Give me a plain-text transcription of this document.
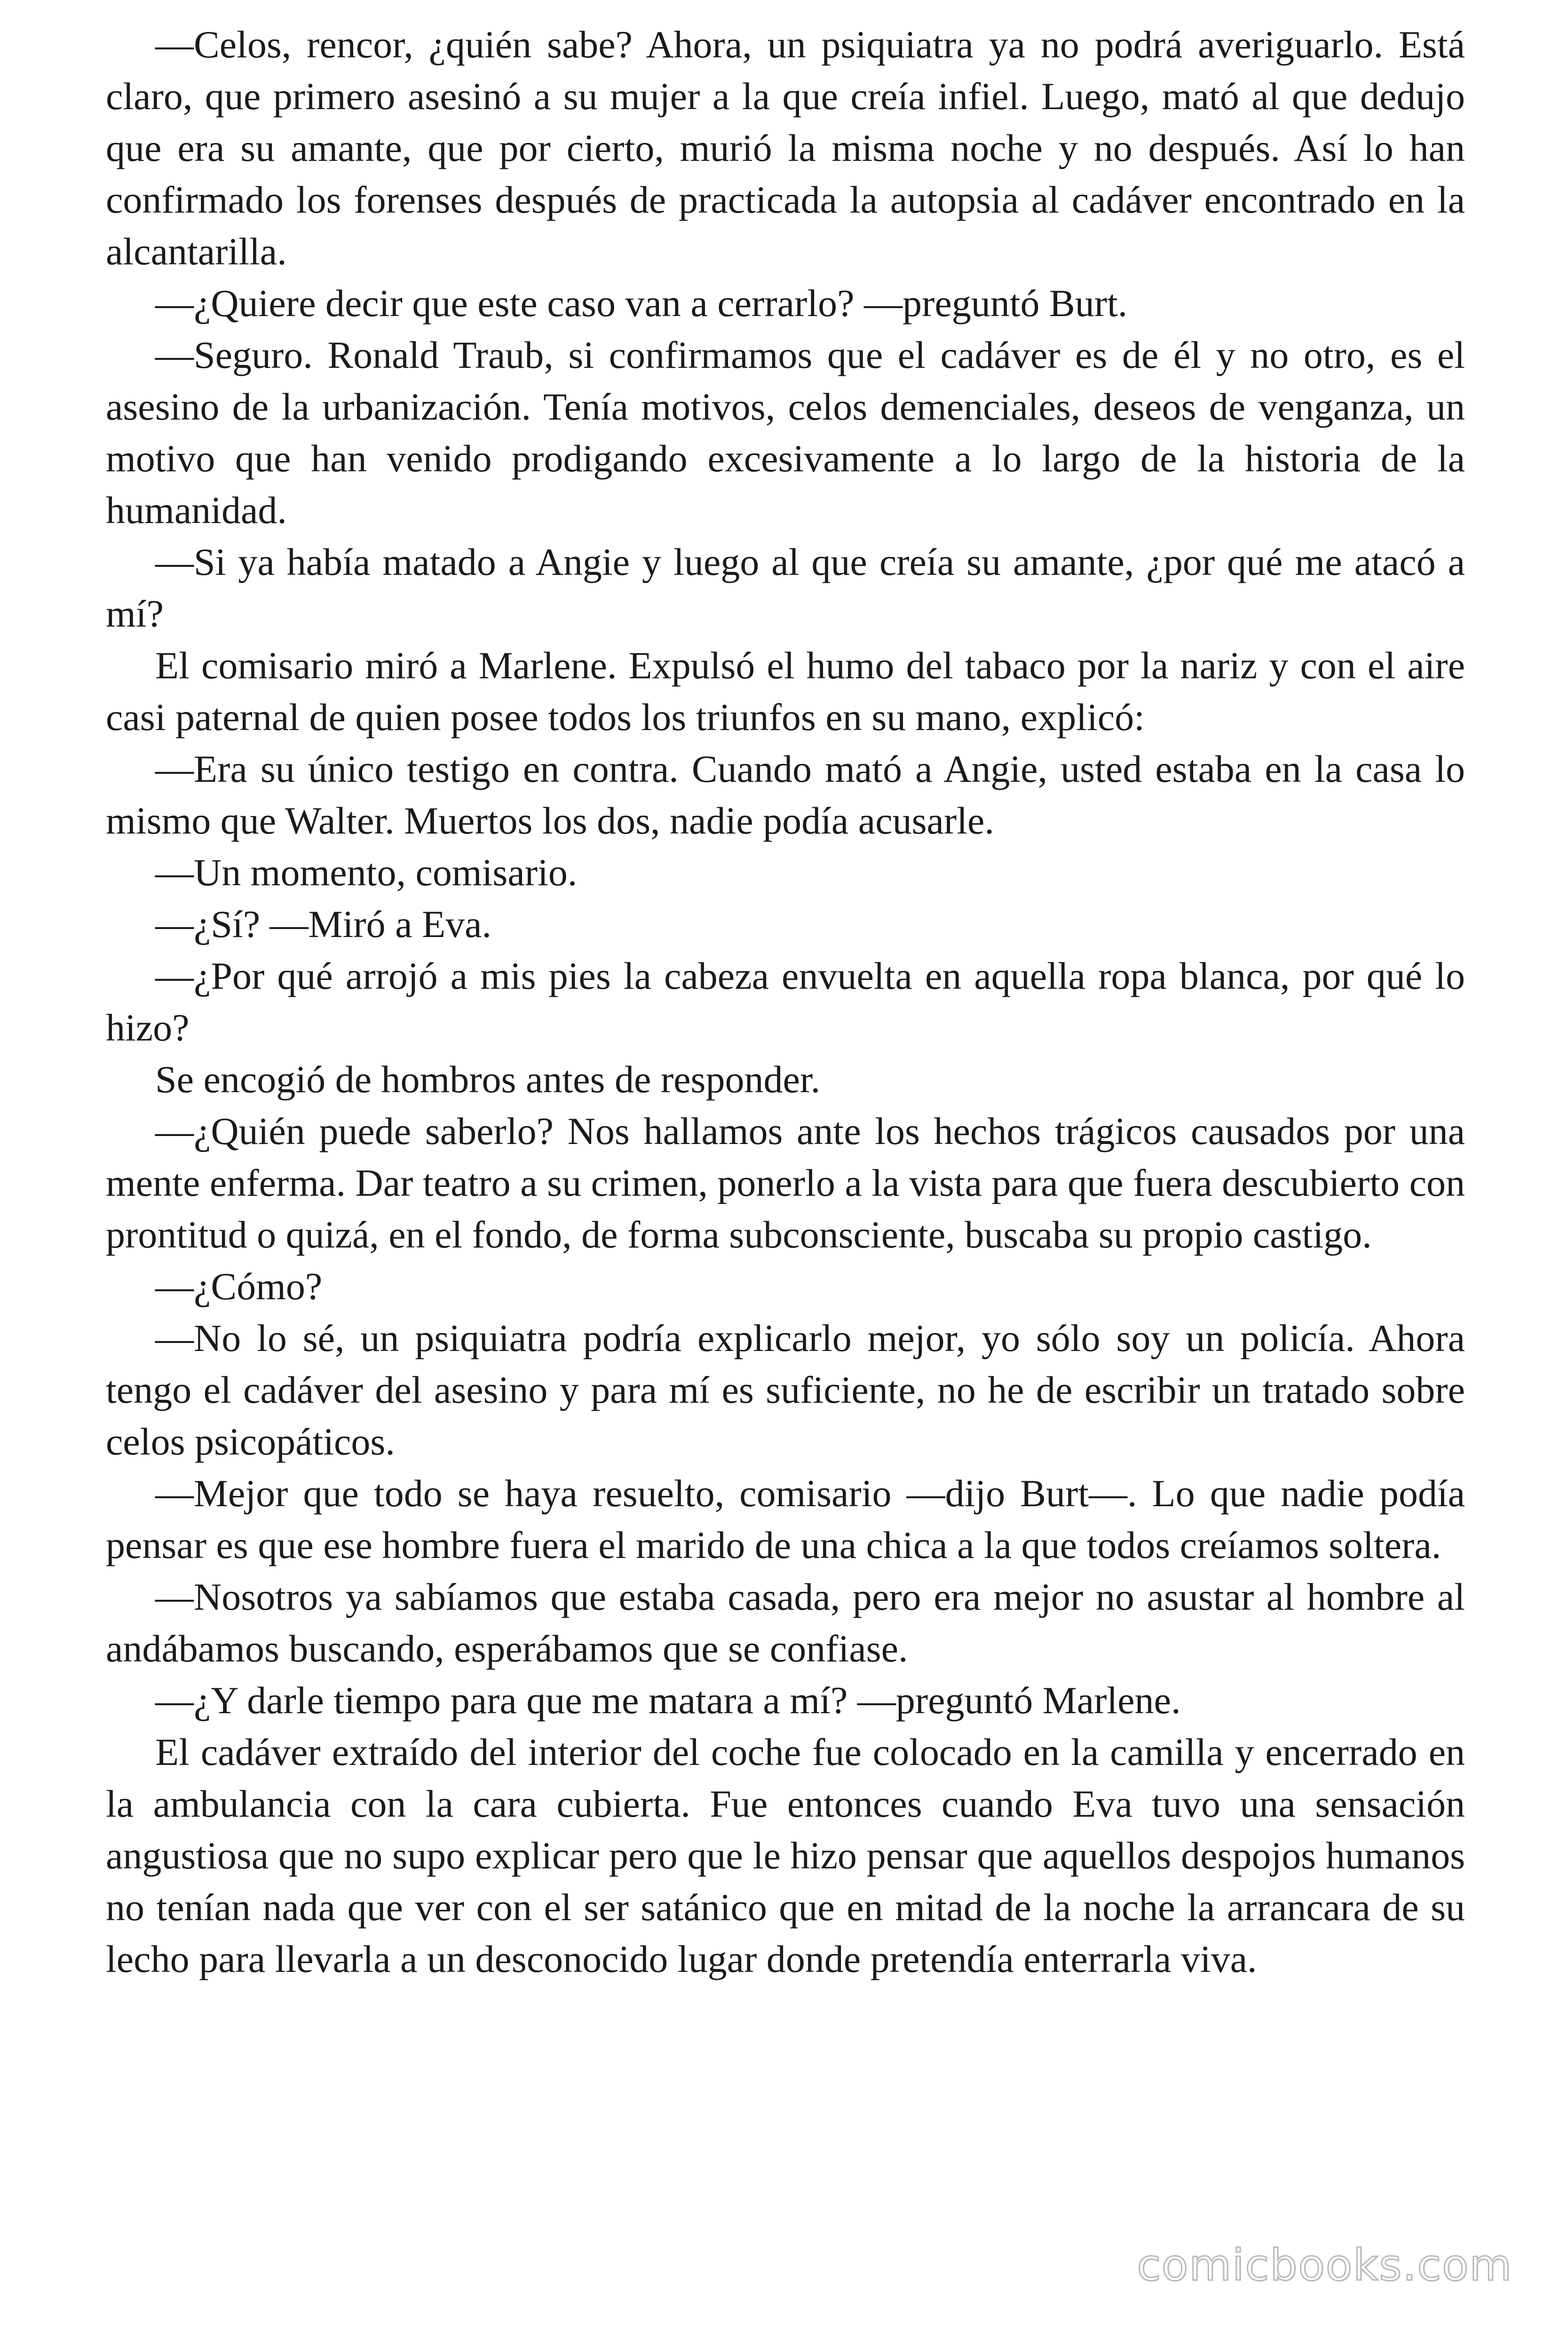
—Celos, rencor, ¿quién sabe? Ahora, un psiquiatra ya no podrá averiguarlo. Está claro, que primero asesinó a su mujer a la que creía infiel. Luego, mató al que dedujo que era su amante, que por cierto, murió la misma noche y no después. Así lo han confirmado los forenses después de practicada la autopsia al cadáver encontrado en la alcantarilla.

—¿Quiere decir que este caso van a cerrarlo? —preguntó Burt.

—Seguro. Ronald Traub, si confirmamos que el cadáver es de él y no otro, es el asesino de la urbanización. Tenía motivos, celos demenciales, deseos de venganza, un motivo que han venido prodigando excesivamente a lo largo de la historia de la humanidad.

—Si ya había matado a Angie y luego al que creía su amante, ¿por qué me atacó a mí?

El comisario miró a Marlene. Expulsó el humo del tabaco por la nariz y con el aire casi paternal de quien posee todos los triunfos en su mano, explicó:

—Era su único testigo en contra. Cuando mató a Angie, usted estaba en la casa lo mismo que Walter. Muertos los dos, nadie podía acusarle.

—Un momento, comisario.

—¿Sí? —Miró a Eva.

—¿Por qué arrojó a mis pies la cabeza envuelta en aquella ropa blanca, por qué lo hizo?

Se encogió de hombros antes de responder.

—¿Quién puede saberlo? Nos hallamos ante los hechos trágicos causados por una mente enferma. Dar teatro a su crimen, ponerlo a la vista para que fuera descubierto con prontitud o quizá, en el fondo, de forma subconsciente, buscaba su propio castigo.

—¿Cómo?

—No lo sé, un psiquiatra podría explicarlo mejor, yo sólo soy un policía. Ahora tengo el cadáver del asesino y para mí es suficiente, no he de escribir un tratado sobre celos psicopáticos.

—Mejor que todo se haya resuelto, comisario —dijo Burt—. Lo que nadie podía pensar es que ese hombre fuera el marido de una chica a la que todos creíamos soltera.

—Nosotros ya sabíamos que estaba casada, pero era mejor no asustar al hombre al andábamos buscando, esperábamos que se confiase.

—¿Y darle tiempo para que me matara a mí? —preguntó Marlene.

El cadáver extraído del interior del coche fue colocado en la camilla y encerrado en la ambulancia con la cara cubierta. Fue entonces cuando Eva tuvo una sensación angustiosa que no supo explicar pero que le hizo pensar que aquellos despojos humanos no tenían nada que ver con el ser satánico que en mitad de la noche la arrancara de su lecho para llevarla a un desconocido lugar donde pretendía enterrarla viva.

comicbooks.com
